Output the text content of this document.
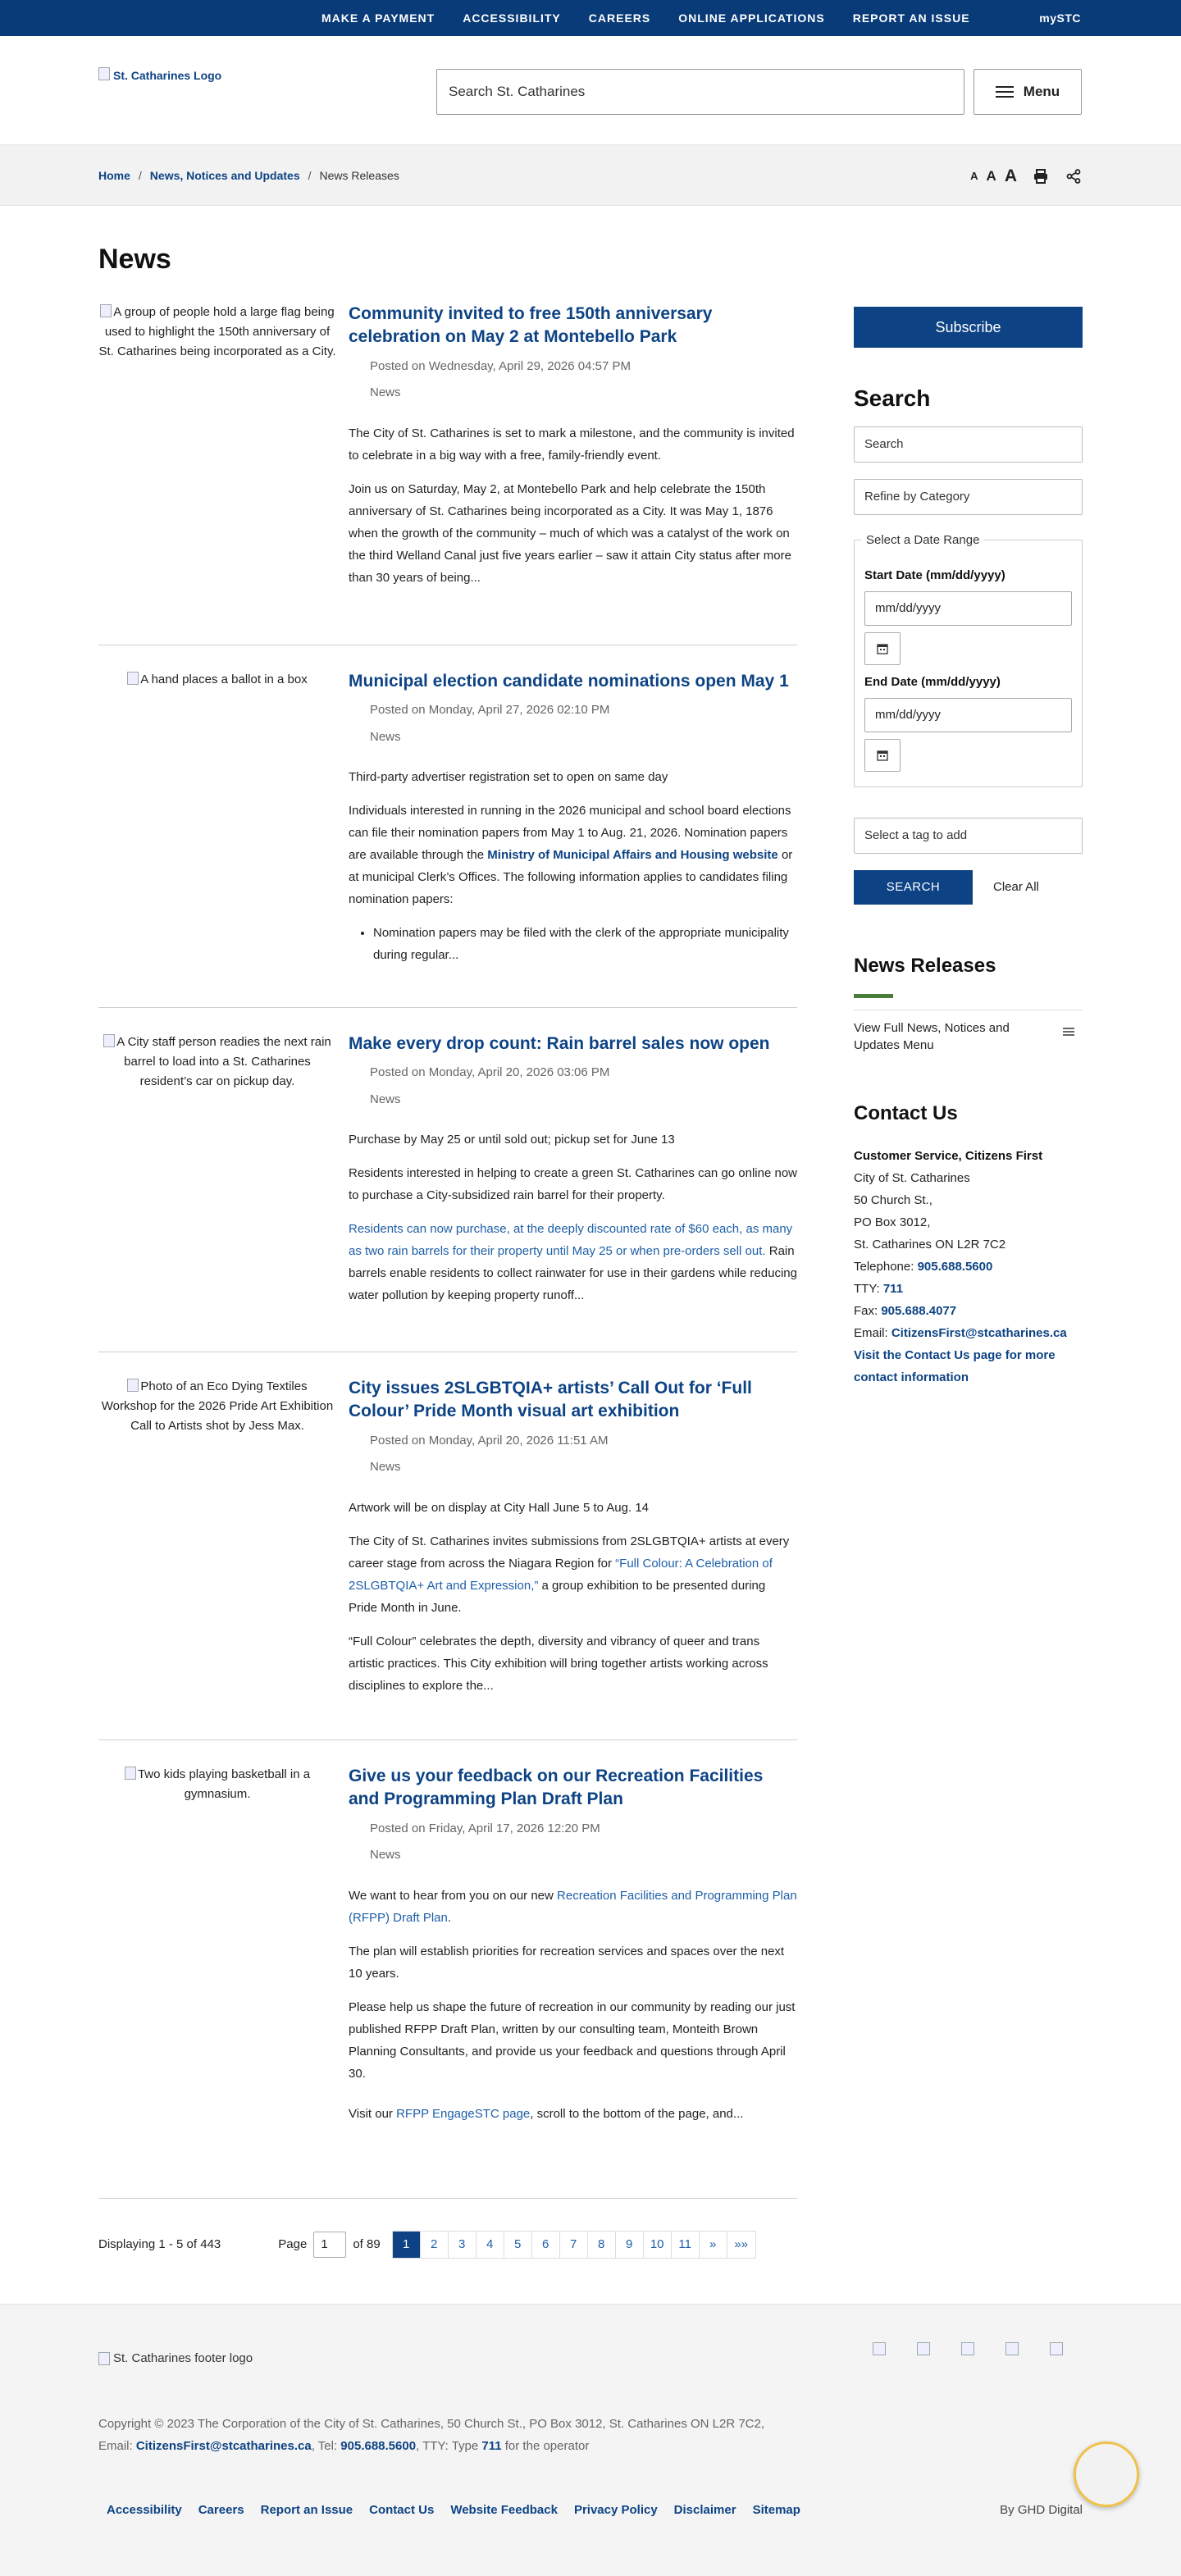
MAKE A PAYMENT ACCESSIBILITY CAREERS ONLINE APPLICATIONS REPORT AN ISSUE	mySTC
St. Catharines Logo
Search St. Catharines	Menu
Home / News, Notices and Updates / News Releases	A A A
News
A group of people hold a large flag being used to highlight the 150th anniversary of St. Catharines being incorporated as a City.
Community invited to free 150th anniversary celebration on May 2 at Montebello Park
Posted on Wednesday, April 29, 2026 04:57 PM
News

The City of St. Catharines is set to mark a milestone, and the community is invited to celebrate in a big way with a free, family-friendly event.

Join us on Saturday, May 2, at Montebello Park and help celebrate the 150th anniversary of St. Catharines being incorporated as a City. It was May 1, 1876 when the growth of the community – much of which was a catalyst of the work on the third Welland Canal just five years earlier – saw it attain City status after more than 30 years of being...

A hand places a ballot in a box	Municipal election candidate nominations open May 1
Posted on Monday, April 27, 2026 02:10 PM
News

Third-party advertiser registration set to open on same day

Individuals interested in running in the 2026 municipal and school board elections can file their nomination papers from May 1 to Aug. 21, 2026. Nomination papers are available through the Ministry of Municipal Affairs and Housing website or at municipal Clerk’s Offices. The following information applies to candidates filing nomination papers:

• Nomination papers may be filed with the clerk of the appropriate municipality during regular...
A City staff person readies the next rain barrel to load into a St. Catharines resident’s car on pickup day.
Make every drop count: Rain barrel sales now open
Posted on Monday, April 20, 2026 03:06 PM
News

Purchase by May 25 or until sold out; pickup set for June 13

Residents interested in helping to create a green St. Catharines can go online now to purchase a City-subsidized rain barrel for their property.

Residents can now purchase, at the deeply discounted rate of $60 each, as many as two rain barrels for their property until May 25 or when pre-orders sell out. Rain barrels enable residents to collect rainwater for use in their gardens while reducing water pollution by keeping property runoff...

Photo of an Eco Dying Textiles Workshop for the 2026 Pride Art Exhibition Call to Artists shot by Jess Max.
City issues 2SLGBTQIA+ artists’ Call Out for ‘Full Colour’ Pride Month visual art exhibition
Posted on Monday, April 20, 2026 11:51 AM
News

Artwork will be on display at City Hall June 5 to Aug. 14

The City of St. Catharines invites submissions from 2SLGBTQIA+ artists at every career stage from across the Niagara Region for “Full Colour: A Celebration of 2SLGBTQIA+ Art and Expression,” a group exhibition to be presented during Pride Month in June.

“Full Colour” celebrates the depth, diversity and vibrancy of queer and trans artistic practices. This City exhibition will bring together artists working across disciplines to explore the...

Two kids playing basketball in a gymnasium.
Give us your feedback on our Recreation Facilities and Programming Plan Draft Plan
Posted on Friday, April 17, 2026 12:20 PM
News

We want to hear from you on our new Recreation Facilities and Programming Plan (RFPP) Draft Plan.

The plan will establish priorities for recreation services and spaces over the next 10 years.

Please help us shape the future of recreation in our community by reading our just published RFPP Draft Plan, written by our consulting team, Monteith Brown Planning Consultants, and provide us your feedback and questions through April 30.

Visit our RFPP EngageSTC page, scroll to the bottom of the page, and...

Displaying 1 - 5 of 443	Page	1	of 89	1	2	3	4	5	6	7	8	9	10	11	»	»»
Subscribe
Search
Search
Refine by Category
Select a Date Range
Start Date (mm/dd/yyyy)
mm/dd/yyyy
End Date (mm/dd/yyyy)
mm/dd/yyyy
Select a tag to add
SEARCH	Clear All
News Releases
View Full News, Notices and Updates Menu
Contact Us
Customer Service, Citizens First
City of St. Catharines
50 Church St.,
PO Box 3012,
St. Catharines ON L2R 7C2
Telephone: 905.688.5600
TTY: 711
Fax: 905.688.4077
Email: CitizensFirst@stcatharines.ca
Visit the Contact Us page for more contact information
St. Catharines footer logo
Copyright © 2023 The Corporation of the City of St. Catharines, 50 Church St., PO Box 3012, St. Catharines ON L2R 7C2,
Email: CitizensFirst@stcatharines.ca, Tel: 905.688.5600, TTY: Type 711 for the operator
Accessibility Careers Report an Issue Contact Us Website Feedback Privacy Policy Disclaimer Sitemap	By GHD Digital
